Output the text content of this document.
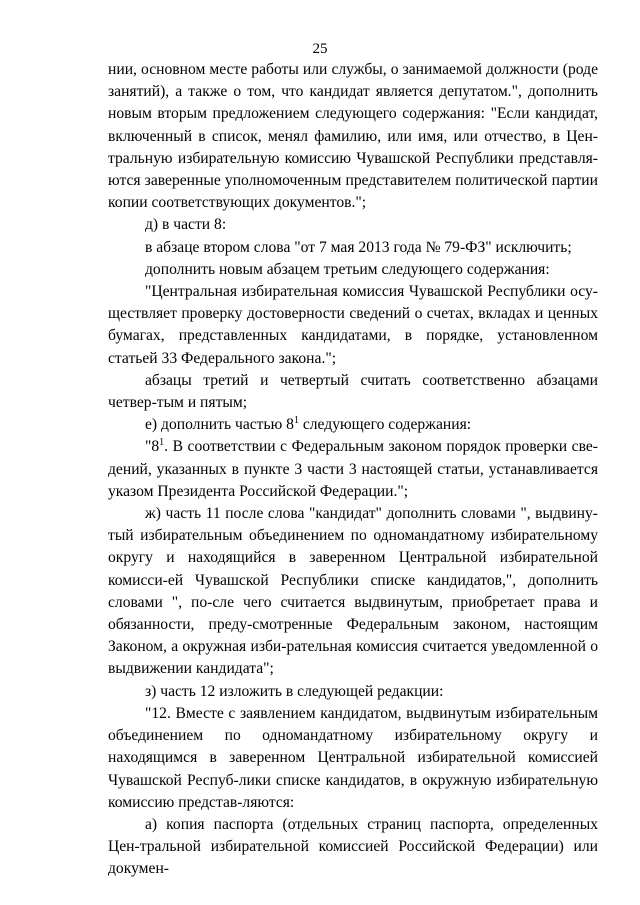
25

нии, основном месте работы или службы, о занимаемой должности (роде занятий), а также о том, что кандидат является депутатом.", дополнить новым вторым предложением следующего содержания: "Если кандидат, включенный в список, менял фамилию, или имя, или отчество, в Цен- тральную избирательную комиссию Чувашской Республики представля- ются заверенные уполномоченным представителем политической партии копии соответствующих документов.";

д) в части 8:

в абзаце втором слова "от 7 мая 2013 года № 79-ФЗ" исключить;

дополнить новым абзацем третьим следующего содержания:

"Центральная избирательная комиссия Чувашской Республики осу-ществляет проверку достоверности сведений о счетах, вкладах и ценных бумагах, представленных кандидатами, в порядке, установленном статьей 33 Федерального закона.";

абзацы третий и четвертый считать соответственно абзацами четвер-тым и пятым;

е) дополнить частью $8^1$ следующего содержания:

"$8^1$. В соответствии с Федеральным законом порядок проверки све-дений, указанных в пункте 3 части 3 настоящей статьи, устанавливается указом Президента Российской Федерации.";

ж) часть 11 после слова "кандидат" дополнить словами ", выдвину-тый избирательным объединением по одномандатному избирательному округу и находящийся в заверенном Центральной избирательной комисси-ей Чувашской Республики списке кандидатов,", дополнить словами ", по-сле чего считается выдвинутым, приобретает права и обязанности, преду-смотренные Федеральным законом, настоящим Законом, а окружная изби-рательная комиссия считается уведомленной о выдвижении кандидата";

з) часть 12 изложить в следующей редакции:

"12. Вместе с заявлением кандидатом, выдвинутым избирательным объединением по одномандатному избирательному округу и находящимся в заверенном Центральной избирательной комиссией Чувашской Респуб-лики списке кандидатов, в окружную избирательную комиссию представ-ляются:

а) копия паспорта (отдельных страниц паспорта, определенных Цен-тральной избирательной комиссией Российской Федерации) или докумен-
